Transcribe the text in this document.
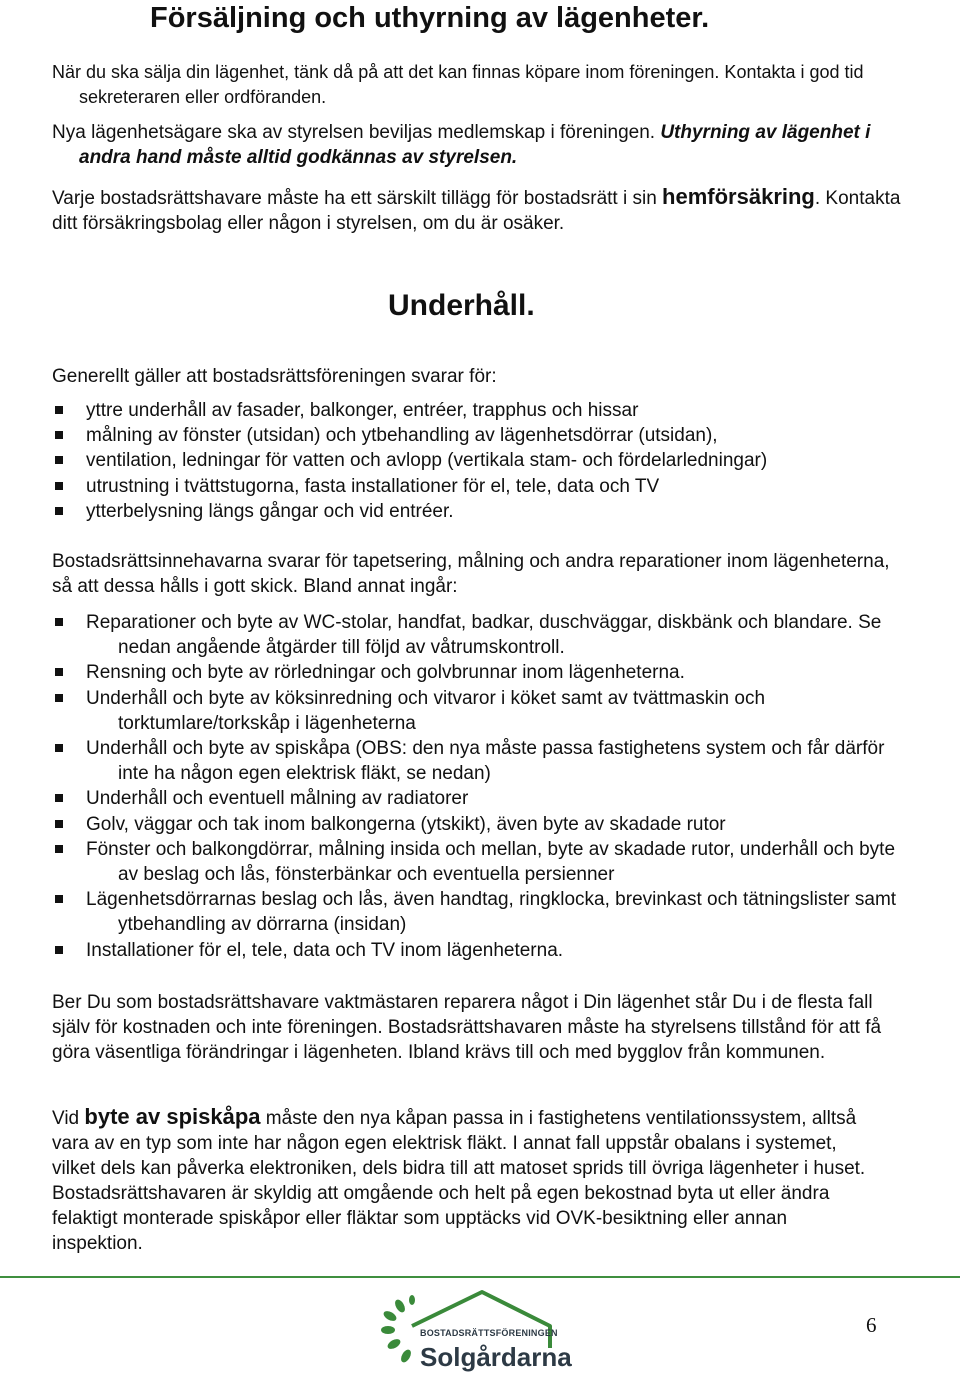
Försäljning och uthyrning av lägenheter.

När du ska sälja din lägenhet, tänk då på att det kan finnas köpare inom föreningen. Kontakta i god tid sekreteraren eller ordföranden.

Nya lägenhetsägare ska av styrelsen beviljas medlemskap i föreningen. Uthyrning av lägenhet i andra hand måste alltid godkännas av styrelsen.

Varje bostadsrättshavare måste ha ett särskilt tillägg för bostadsrätt i sin hemförsäkring. Kontakta ditt försäkringsbolag eller någon i styrelsen, om du är osäker.

Underhåll.

Generellt gäller att bostadsrättsföreningen svarar för:

yttre underhåll av fasader, balkonger, entréer, trapphus och hissar
målning av fönster (utsidan) och ytbehandling av lägenhetsdörrar (utsidan),
ventilation, ledningar för vatten och avlopp (vertikala stam- och fördelarledningar)
utrustning i tvättstugorna, fasta installationer för el, tele, data och TV
ytterbelysning längs gångar och vid entréer.

Bostadsrättsinnehavarna svarar för tapetsering, målning och andra reparationer inom lägenheterna, så att dessa hålls i gott skick. Bland annat ingår:

Reparationer och byte av WC-stolar, handfat, badkar, duschväggar, diskbänk och blandare. Se nedan angående åtgärder till följd av våtrumskontroll.
Rensning och byte av rörledningar och golvbrunnar inom lägenheterna.
Underhåll och byte av köksinredning och vitvaror i köket samt av tvättmaskin och torktumlare/torkskåp i lägenheterna
Underhåll och byte av spiskåpa (OBS: den nya måste passa fastighetens system och får därför inte ha någon egen elektrisk fläkt, se nedan)
Underhåll och eventuell målning av radiatorer
Golv, väggar och tak inom balkongerna (ytskikt), även byte av skadade rutor
Fönster och balkongdörrar, målning insida och mellan, byte av skadade rutor, underhåll och byte av beslag och lås, fönsterbänkar och eventuella persienner
Lägenhetsdörrarnas beslag och lås, även handtag, ringklocka, brevinkast och tätningslister samt ytbehandling av dörrarna (insidan)
Installationer för el, tele, data och TV inom lägenheterna.

Ber Du som bostadsrättshavare vaktmästaren reparera något i Din lägenhet står Du i de flesta fall själv för kostnaden och inte föreningen. Bostadsrättshavaren måste ha styrelsens tillstånd för att få göra väsentliga förändringar i lägenheten. Ibland krävs till och med bygglov från kommunen.

Vid byte av spiskåpa måste den nya kåpan passa in i fastighetens ventilationssystem, alltså vara av en typ som inte har någon egen elektrisk fläkt. I annat fall uppstår obalans i systemet, vilket dels kan påverka elektroniken, dels bidra till att matoset sprids till övriga lägenheter i huset. Bostadsrättshavaren är skyldig att omgående och helt på egen bekostnad byta ut eller ändra felaktigt monterade spiskåpor eller fläktar som upptäcks vid OVK-besiktning eller annan inspektion.

BOSTADSRÄTTSFÖRENINGEN
Solgårdarna
6
